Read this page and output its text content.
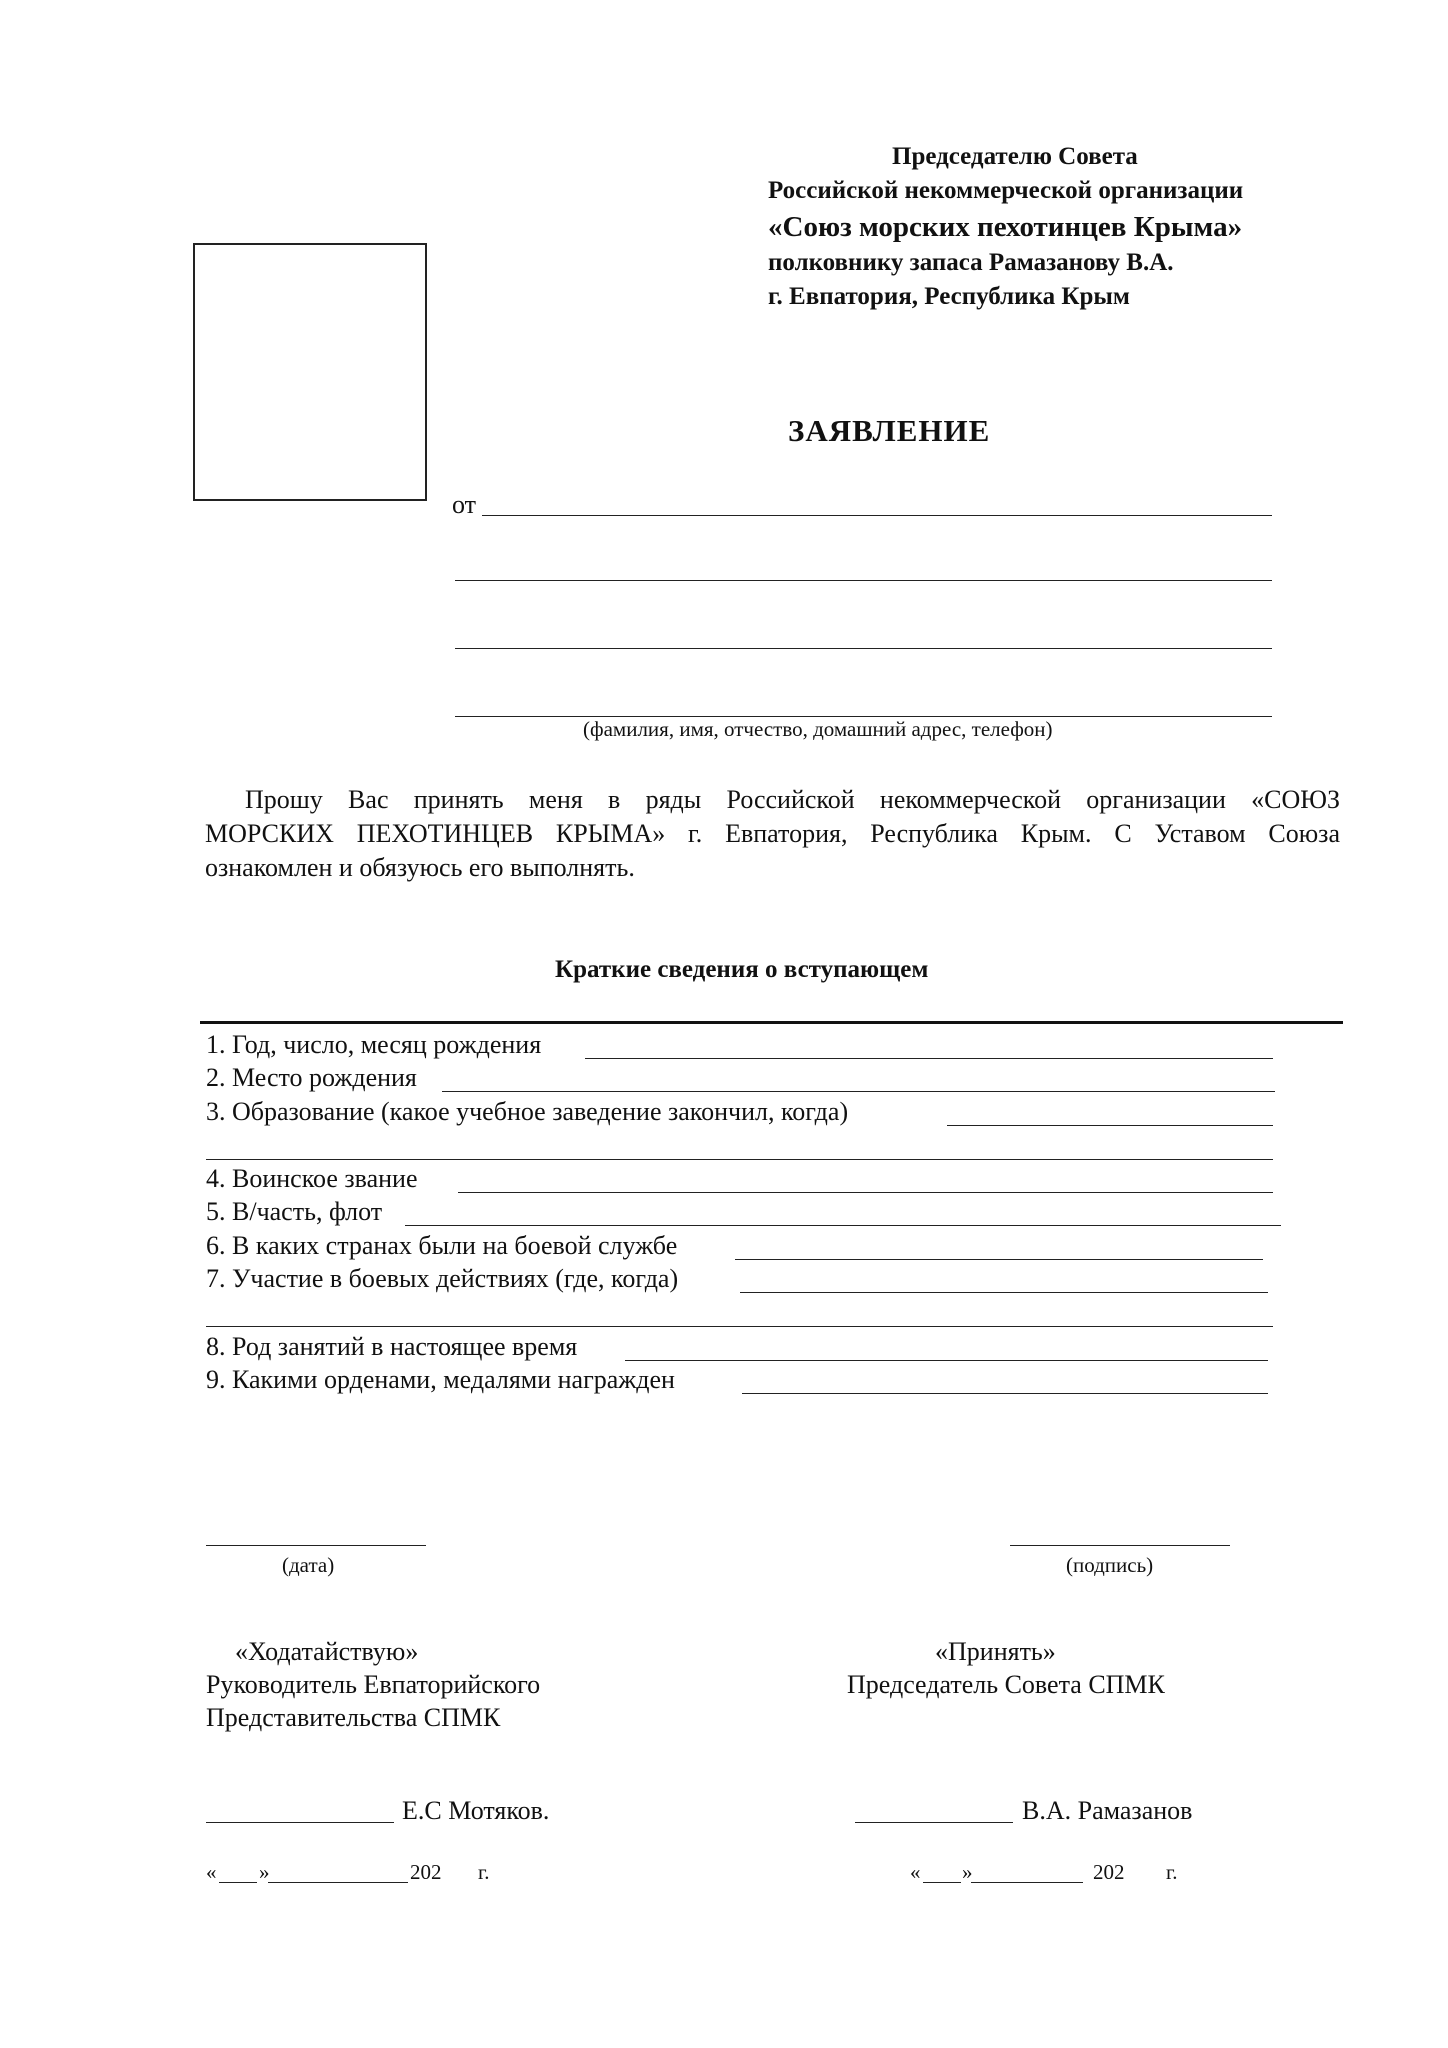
Председателю Совета
Российской некоммерческой организации
«Союз морских пехотинцев Крыма»
полковнику запаса Рамазанову В.А.
г. Евпатория, Республика Крым
ЗАЯВЛЕНИЕ
от
(фамилия, имя, отчество, домашний адрес, телефон)
Прошу Вас принять меня в ряды Российской некоммерческой организации «СОЮЗ
МОРСКИХ ПЕХОТИНЦЕВ КРЫМА» г. Евпатория, Республика Крым. С Уставом Союза
ознакомлен и обязуюсь его выполнять.
Краткие сведения о вступающем
1. Год, число, месяц рождения
2. Место рождения
3. Образование (какое учебное заведение закончил, когда)
4. Воинское звание
5. В/часть, флот
6. В каких странах были на боевой службе
7. Участие в боевых действиях (где, когда)
8. Род занятий в настоящее время
9. Какими орденами, медалями награжден
(дата)	(подпись)
«Ходатайствую»
Руководитель Евпаторийского
Представительства СПМК
Е.С Мотяков.
« »	202 г.
«Принять»
Председатель Совета СПМК
В.А. Рамазанов
« »	202 г.
